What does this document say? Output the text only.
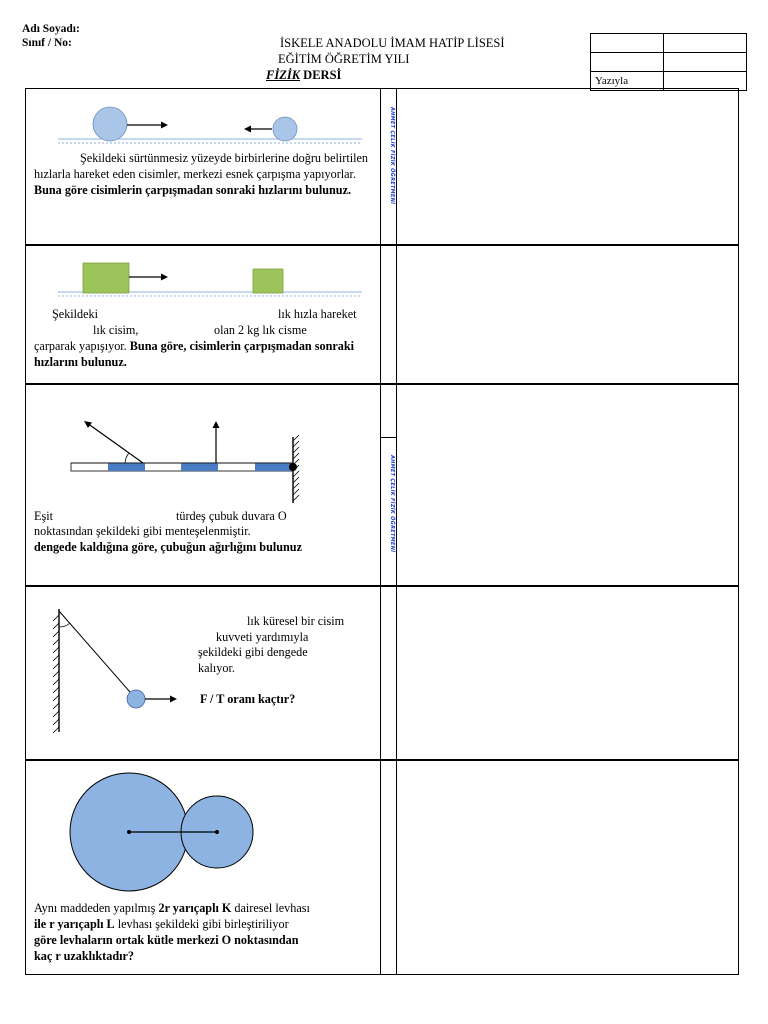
Adı Soyadı:
Sınıf / No:	İSKELE ANADOLU İMAM HATİP LİSESİ
EĞİTİM ÖĞRETİM YILI
FİZİK DERSİ

		Yazıyla	
Şekildeki sürtünmesiz yüzeyde birbirlerine doğru belirtilen hızlarla hareket eden cisimler, merkezi esnek çarpışma yapıyorlar. Buna göre cisimlerin çarpışmadan sonraki hızlarını bulunuz.	AHMET ÇELİK FİZİK ÖĞRETMENİ
Şekildeki	lık hızla hareket
lık cisim,	olan 2 kg lık cisme
çarparak yapışıyor. Buna göre, cisimlerin çarpışmadan sonraki hızlarını bulunuz.
Eşit	türdeş çubuk duvara O
noktasından şekildeki gibi menteşelenmiştir.
dengede kaldığına göre, çubuğun ağırlığını bulunuz	AHMET ÇELİK FİZİK ÖĞRETMENİ
lık küresel bir cisim
kuvveti yardımıyla
şekildeki gibi dengede
kalıyor.
F / T oranı kaçtır?
Aynı maddeden yapılmış 2r yarıçaplı K dairesel levhası
ile r yarıçaplı L levhası şekildeki gibi birleştiriliyor
göre levhaların ortak kütle merkezi O noktasından
kaç r uzaklıktadır?
